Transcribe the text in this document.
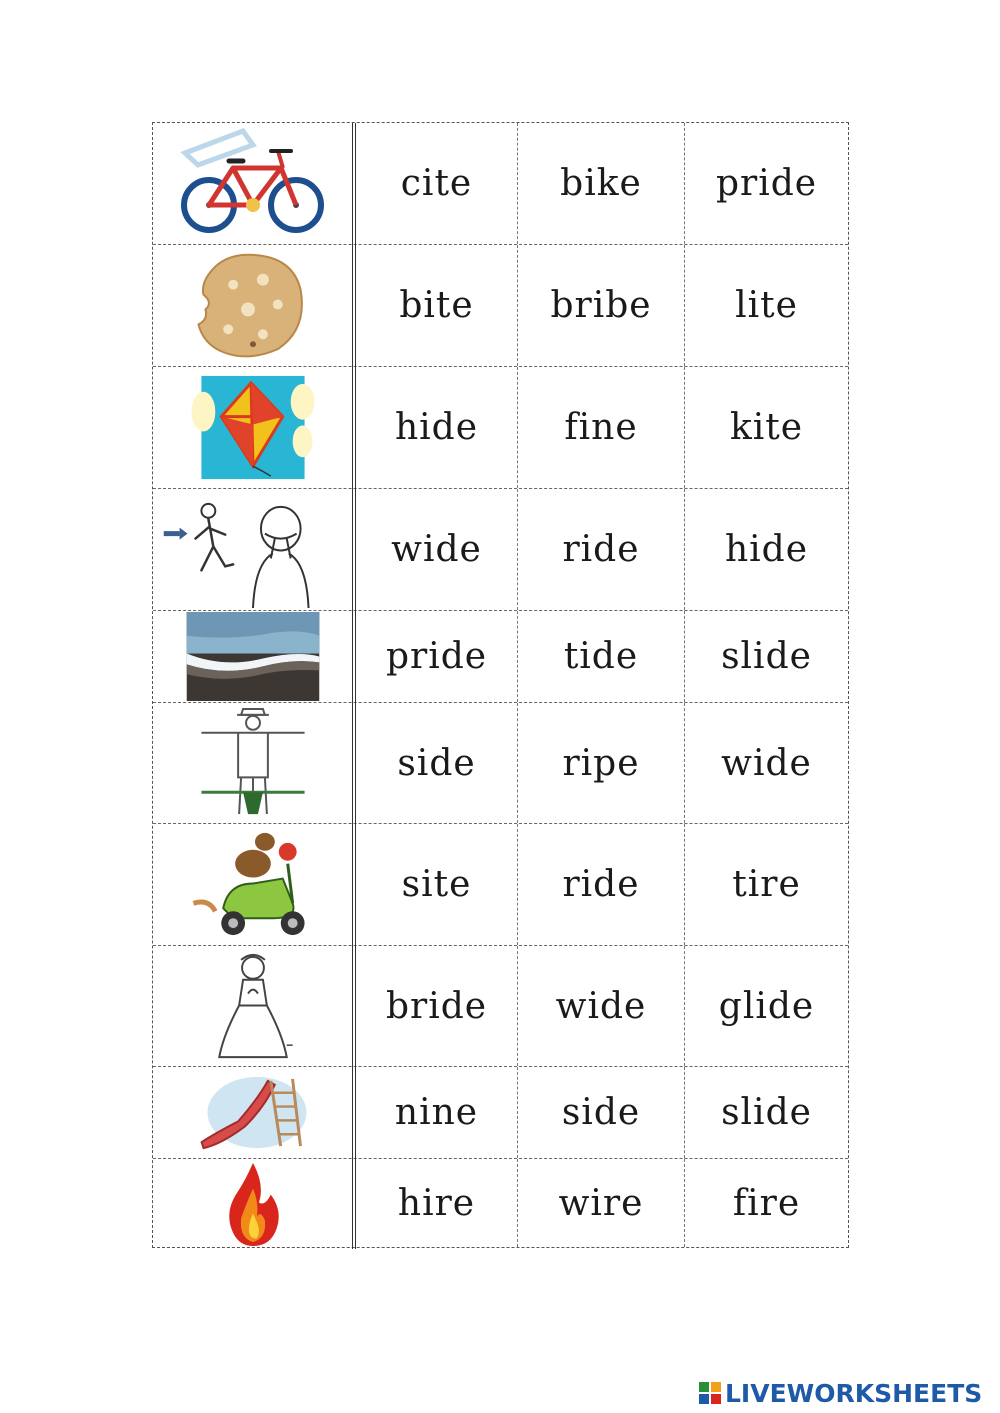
cite	bike	pride
bite	bribe	lite
hide	fine	kite
wide	ride	hide
pride	tide	slide
side	ripe	wide
site	ride	tire
bride	wide	glide
nine	side	slide
hire	wire	fire
LIVEWORKSHEETS
